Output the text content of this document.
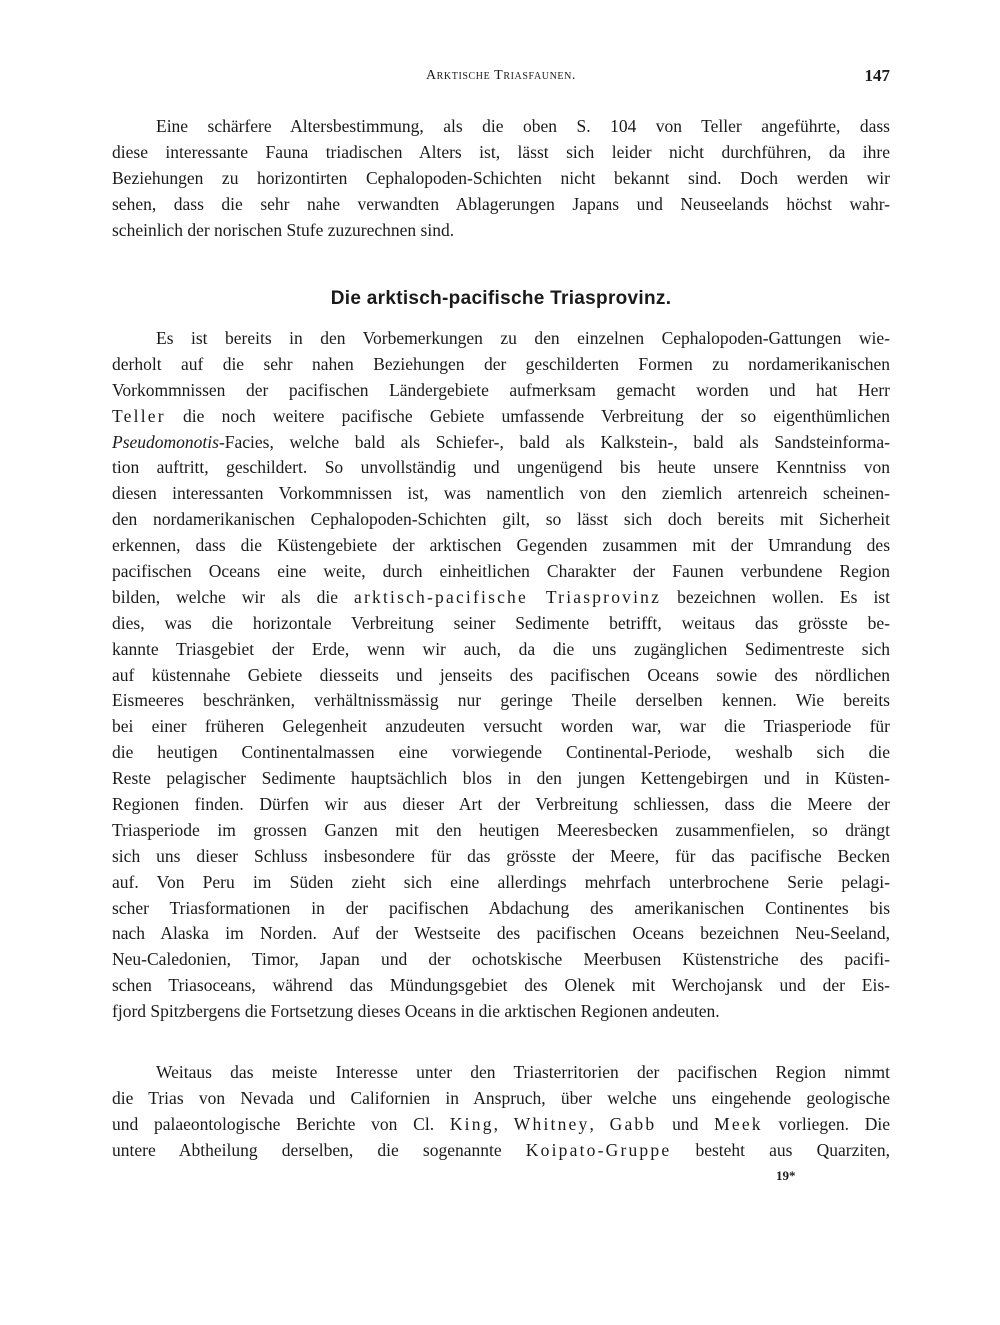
Arktische Triasfaunen.	147
Eine schärfere Altersbestimmung, als die oben S. 104 von Teller angeführte, dass
diese interessante Fauna triadischen Alters ist, lässt sich leider nicht durchführen, da ihre
Beziehungen zu horizontirten Cephalopoden-Schichten nicht bekannt sind. Doch werden wir
sehen, dass die sehr nahe verwandten Ablagerungen Japans und Neuseelands höchst wahr-
scheinlich der norischen Stufe zuzurechnen sind.
Die arktisch-pacifische Triasprovinz.
Es ist bereits in den Vorbemerkungen zu den einzelnen Cephalopoden-Gattungen wie-
derholt auf die sehr nahen Beziehungen der geschilderten Formen zu nordamerikanischen
Vorkommnissen der pacifischen Ländergebiete aufmerksam gemacht worden und hat Herr
Teller die noch weitere pacifische Gebiete umfassende Verbreitung der so eigenthümlichen
Pseudomonotis-Facies, welche bald als Schiefer-, bald als Kalkstein-, bald als Sandsteinforma-
tion auftritt, geschildert. So unvollständig und ungenügend bis heute unsere Kenntniss von
diesen interessanten Vorkommnissen ist, was namentlich von den ziemlich artenreich scheinen-
den nordamerikanischen Cephalopoden-Schichten gilt, so lässt sich doch bereits mit Sicherheit
erkennen, dass die Küstengebiete der arktischen Gegenden zusammen mit der Umrandung des
pacifischen Oceans eine weite, durch einheitlichen Charakter der Faunen verbundene Region
bilden, welche wir als die arktisch-pacifische Triasprovinz bezeichnen wollen. Es ist
dies, was die horizontale Verbreitung seiner Sedimente betrifft, weitaus das grösste be-
kannte Triasgebiet der Erde, wenn wir auch, da die uns zugänglichen Sedimentreste sich
auf küstennahe Gebiete diesseits und jenseits des pacifischen Oceans sowie des nördlichen
Eismeeres beschränken, verhältnissmässig nur geringe Theile derselben kennen. Wie bereits
bei einer früheren Gelegenheit anzudeuten versucht worden war, war die Triasperiode für
die heutigen Continentalmassen eine vorwiegende Continental-Periode, weshalb sich die
Reste pelagischer Sedimente hauptsächlich blos in den jungen Kettengebirgen und in Küsten-
Regionen finden. Dürfen wir aus dieser Art der Verbreitung schliessen, dass die Meere der
Triasperiode im grossen Ganzen mit den heutigen Meeresbecken zusammenfielen, so drängt
sich uns dieser Schluss insbesondere für das grösste der Meere, für das pacifische Becken
auf. Von Peru im Süden zieht sich eine allerdings mehrfach unterbrochene Serie pelagi-
scher Triasformationen in der pacifischen Abdachung des amerikanischen Continentes bis
nach Alaska im Norden. Auf der Westseite des pacifischen Oceans bezeichnen Neu-Seeland,
Neu-Caledonien, Timor, Japan und der ochotskische Meerbusen Küstenstriche des pacifi-
schen Triasoceans, während das Mündungsgebiet des Olenek mit Werchojansk und der Eis-
fjord Spitzbergens die Fortsetzung dieses Oceans in die arktischen Regionen andeuten.
Weitaus das meiste Interesse unter den Triasterritorien der pacifischen Region nimmt
die Trias von Nevada und Californien in Anspruch, über welche uns eingehende geologische
und palaeontologische Berichte von Cl. King, Whitney, Gabb und Meek vorliegen. Die
untere Abtheilung derselben, die sogenannte Koipato-Gruppe besteht aus Quarziten,
19*
